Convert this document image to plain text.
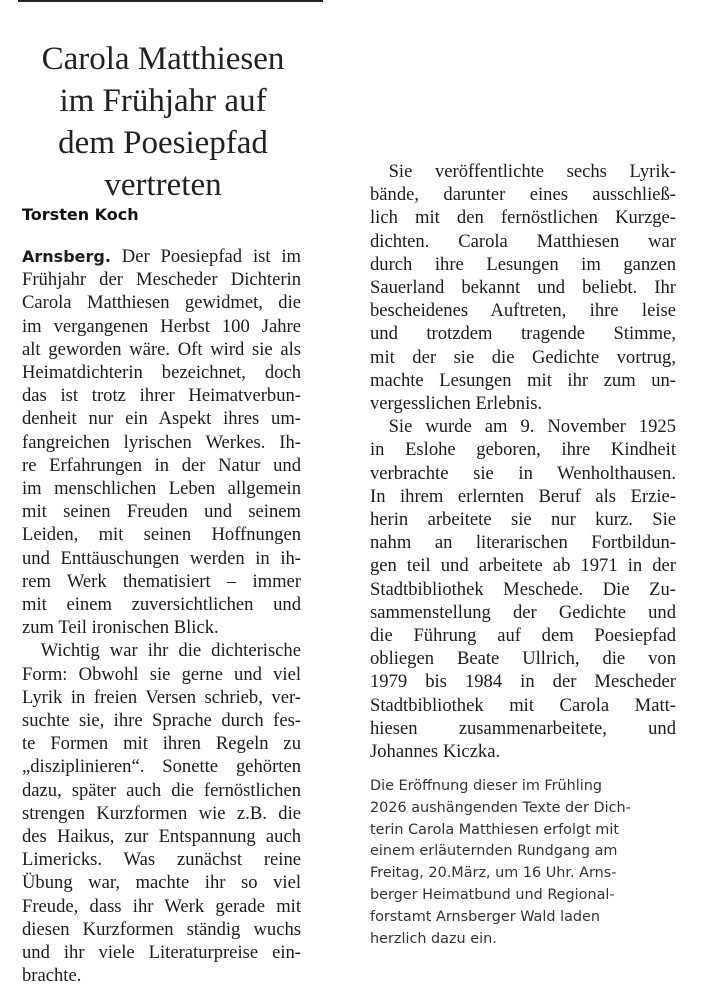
Carola Matthiesen
im Frühjahr auf
dem Poesiepfad
vertreten
Torsten Koch
Arnsberg. Der Poesiepfad ist im
Frühjahr der Mescheder Dichterin
Carola Matthiesen gewidmet, die
im vergangenen Herbst 100 Jahre
alt geworden wäre. Oft wird sie als
Heimatdichterin bezeichnet, doch
das ist trotz ihrer Heimatverbun-
denheit nur ein Aspekt ihres um-
fangreichen lyrischen Werkes. Ih-
re Erfahrungen in der Natur und
im menschlichen Leben allgemein
mit seinen Freuden und seinem
Leiden, mit seinen Hoffnungen
und Enttäuschungen werden in ih-
rem Werk thematisiert – immer
mit einem zuversichtlichen und
zum Teil ironischen Blick.
 Wichtig war ihr die dichterische
Form: Obwohl sie gerne und viel
Lyrik in freien Versen schrieb, ver-
suchte sie, ihre Sprache durch fes-
te Formen mit ihren Regeln zu
„disziplinieren“. Sonette gehörten
dazu, später auch die fernöstlichen
strengen Kurzformen wie z.B. die
des Haikus, zur Entspannung auch
Limericks. Was zunächst reine
Übung war, machte ihr so viel
Freude, dass ihr Werk gerade mit
diesen Kurzformen ständig wuchs
und ihr viele Literaturpreise ein-
brachte.
 Sie veröffentlichte sechs Lyrik-
bände, darunter eines ausschließ-
lich mit den fernöstlichen Kurzge-
dichten. Carola Matthiesen war
durch ihre Lesungen im ganzen
Sauerland bekannt und beliebt. Ihr
bescheidenes Auftreten, ihre leise
und trotzdem tragende Stimme,
mit der sie die Gedichte vortrug,
machte Lesungen mit ihr zum un-
vergesslichen Erlebnis.
 Sie wurde am 9. November 1925
in Eslohe geboren, ihre Kindheit
verbrachte sie in Wenholthausen.
In ihrem erlernten Beruf als Erzie-
herin arbeitete sie nur kurz. Sie
nahm an literarischen Fortbildun-
gen teil und arbeitete ab 1971 in der
Stadtbibliothek Meschede. Die Zu-
sammenstellung der Gedichte und
die Führung auf dem Poesiepfad
obliegen Beate Ullrich, die von
1979 bis 1984 in der Mescheder
Stadtbibliothek mit Carola Matt-
hiesen zusammenarbeitete, und
Johannes Kiczka.
Die Eröffnung dieser im Frühling
2026 aushängenden Texte der Dich-
terin Carola Matthiesen erfolgt mit
einem erläuternden Rundgang am
Freitag, 20.März, um 16 Uhr. Arns-
berger Heimatbund und Regional-
forstamt Arnsberger Wald laden
herzlich dazu ein.
